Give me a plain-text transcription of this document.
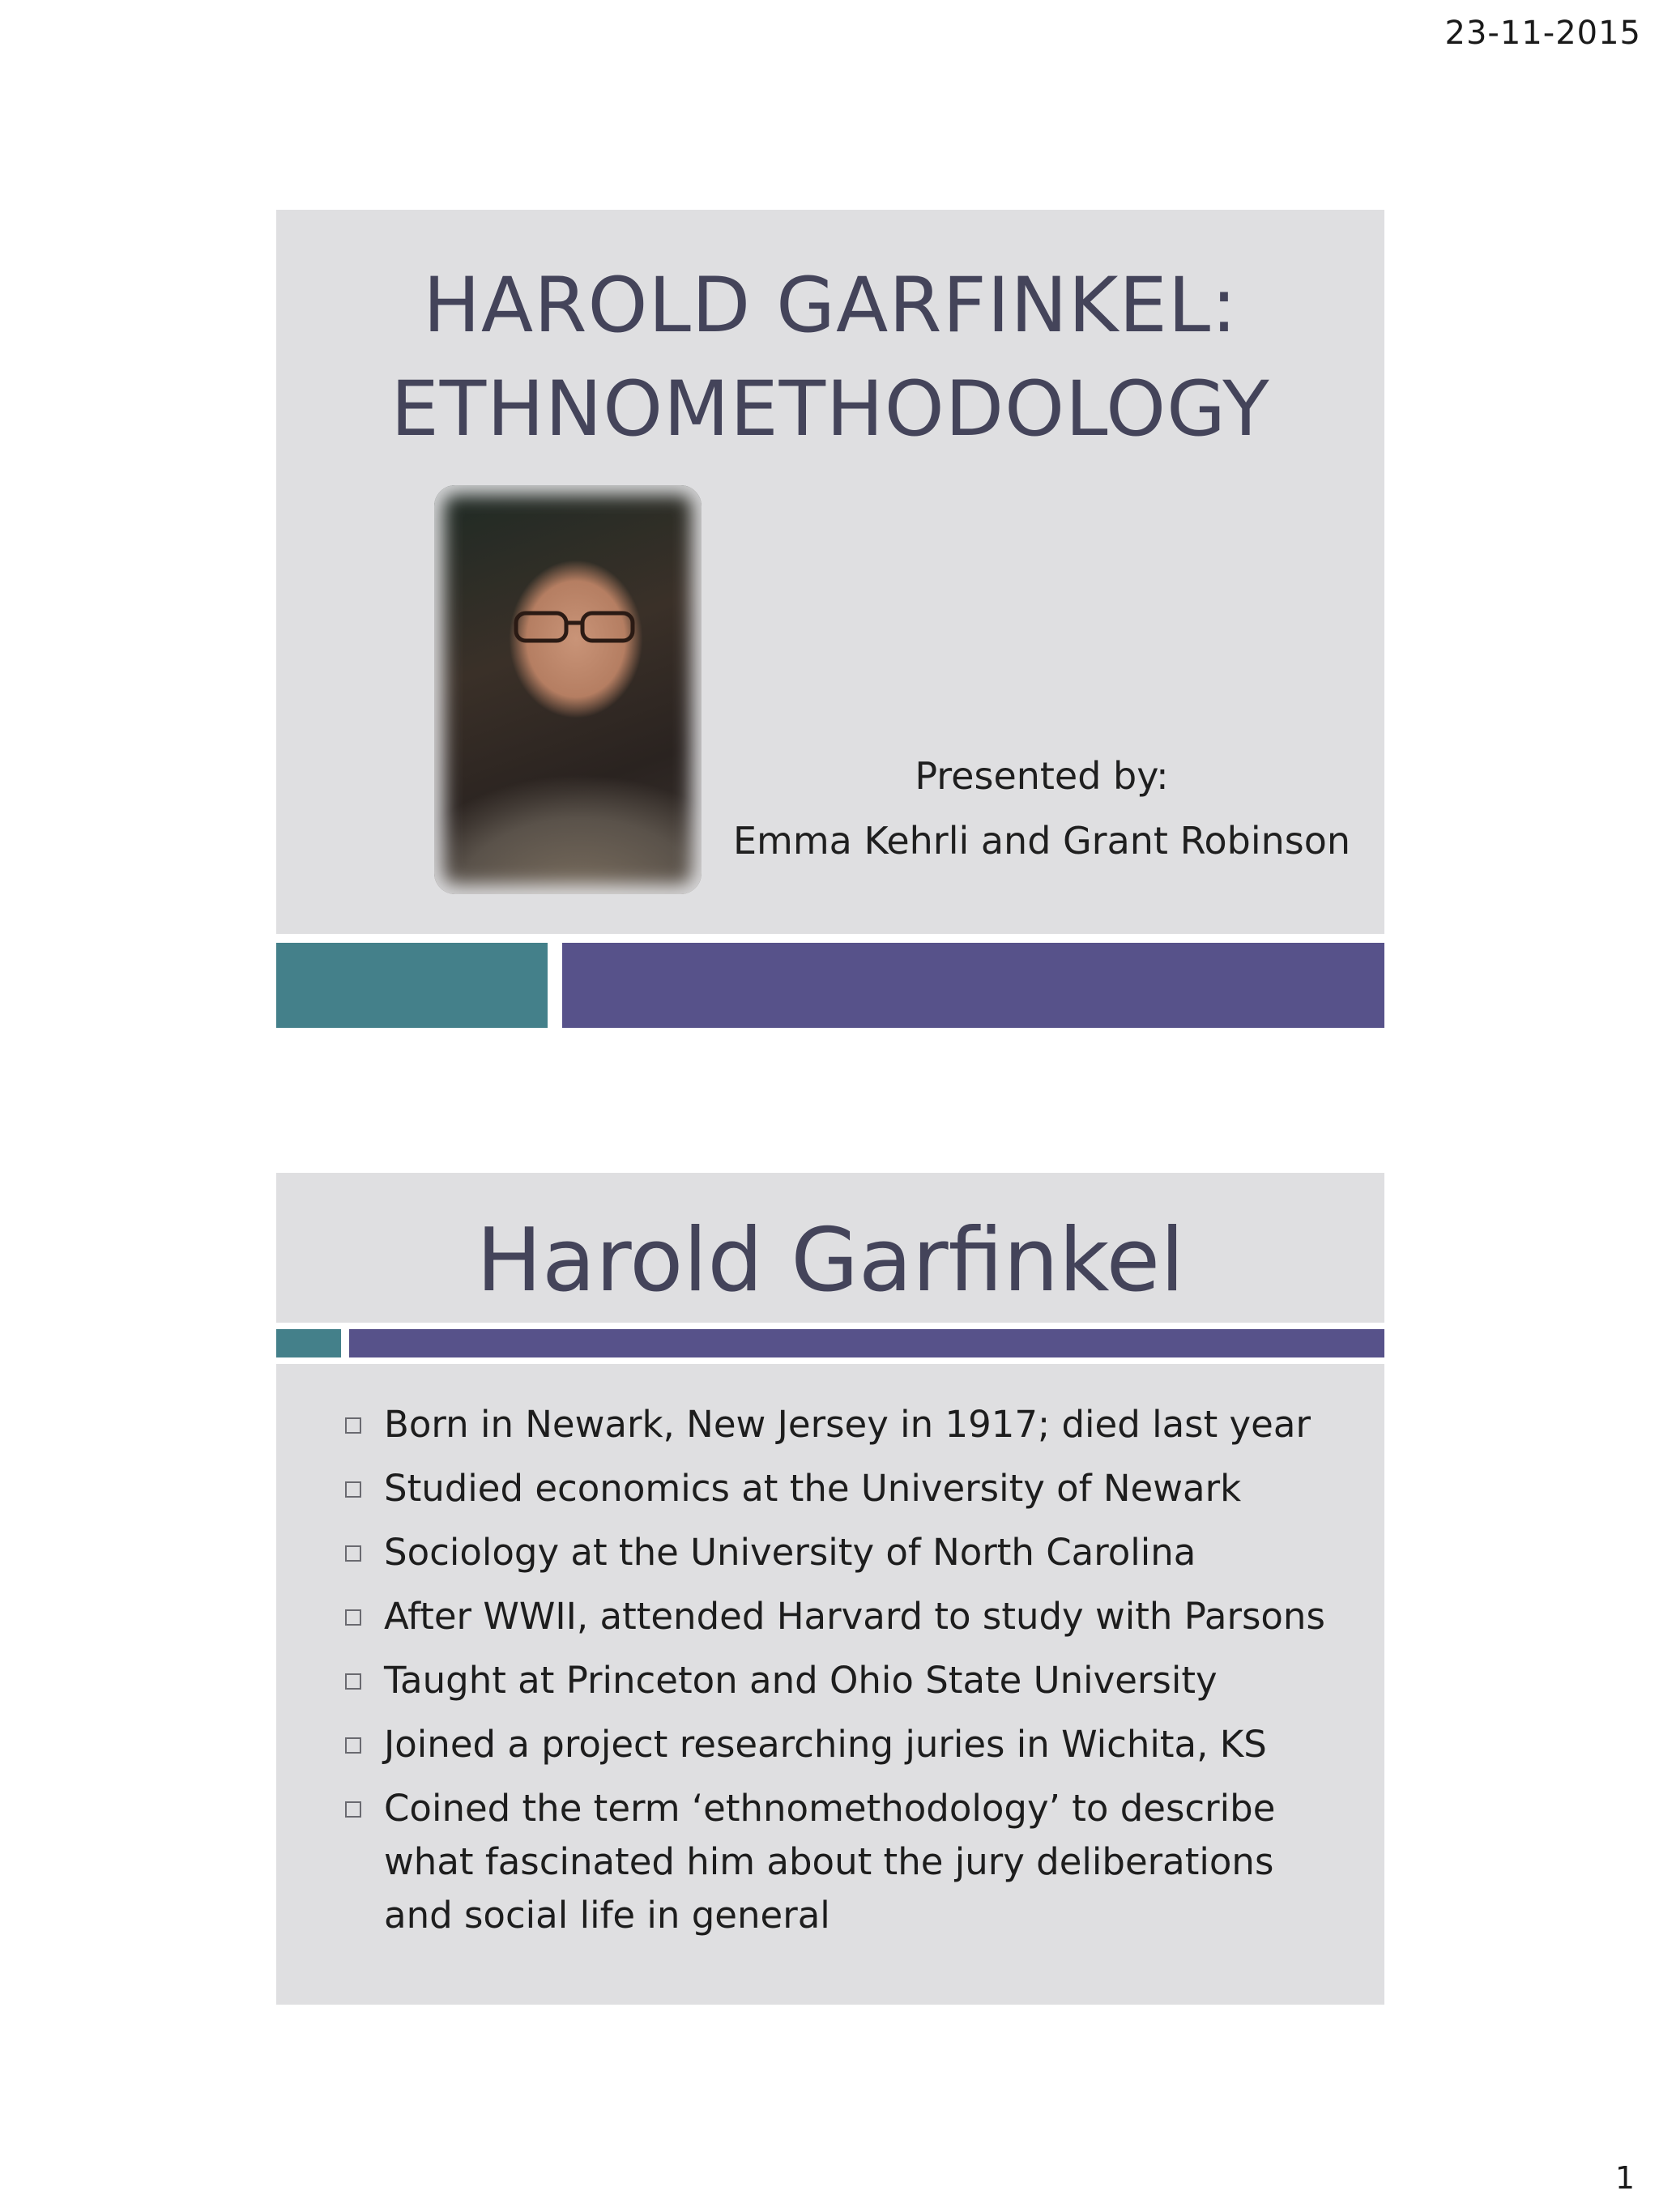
23-11-2015
HAROLD GARFINKEL:
ETHNOMETHODOLOGY
Presented by:
Emma Kehrli and Grant Robinson
Harold Garfinkel
Born in Newark, New Jersey in 1917; died last year
Studied economics at the University of Newark
Sociology at the University of North Carolina
After WWII, attended Harvard to study with Parsons
Taught at Princeton and Ohio State University
Joined a project researching juries in Wichita, KS
Coined the term ‘ethnomethodology’ to describe what fascinated him about the jury deliberations and social life in general
1
